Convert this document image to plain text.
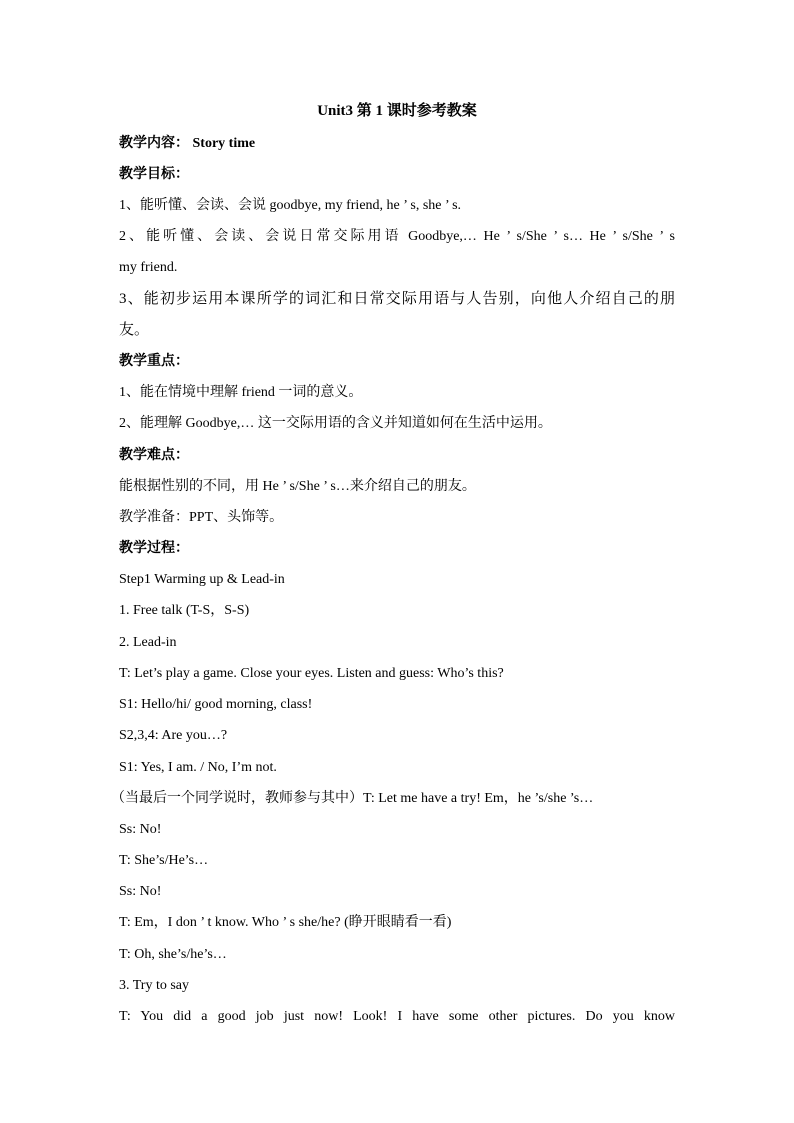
Unit3 第 1 课时参考教案
教学内容： Story time
教学目标：
1、能听懂、会读、会说 goodbye, my friend, he ’ s, she ’ s.
2、能听懂、会读、会说日常交际用语 Goodbye,… He ’ s/She ’ s… He ’ s/She ’ s
my friend.
3、能初步运用本课所学的词汇和日常交际用语与人告别，向他人介绍自己的朋
友。
教学重点：
1、能在情境中理解 friend 一词的意义。
2、能理解 Goodbye,… 这一交际用语的含义并知道如何在生活中运用。
教学难点：
能根据性别的不同，用 He ’ s/She ’ s…来介绍自己的朋友。
教学准备：PPT、头饰等。
教学过程：
Step1 Warming up & Lead-in
1. Free talk (T-S，S-S)
2. Lead-in
T: Let’s play a game. Close your eyes. Listen and guess: Who’s this?
S1: Hello/hi/ good morning, class!
S2,3,4: Are you…?
S1: Yes, I am. / No, I’m not.
（当最后一个同学说时，教师参与其中）T: Let me have a try! Em，he ’s/she ’s…
Ss: No!
T: She’s/He’s…
Ss: No!
T: Em，I don ’ t know. Who ’ s she/he? (睁开眼睛看一看)
T: Oh, she’s/he’s…
3. Try to say
T: You did a good job just now! Look! I have some other pictures. Do you know
